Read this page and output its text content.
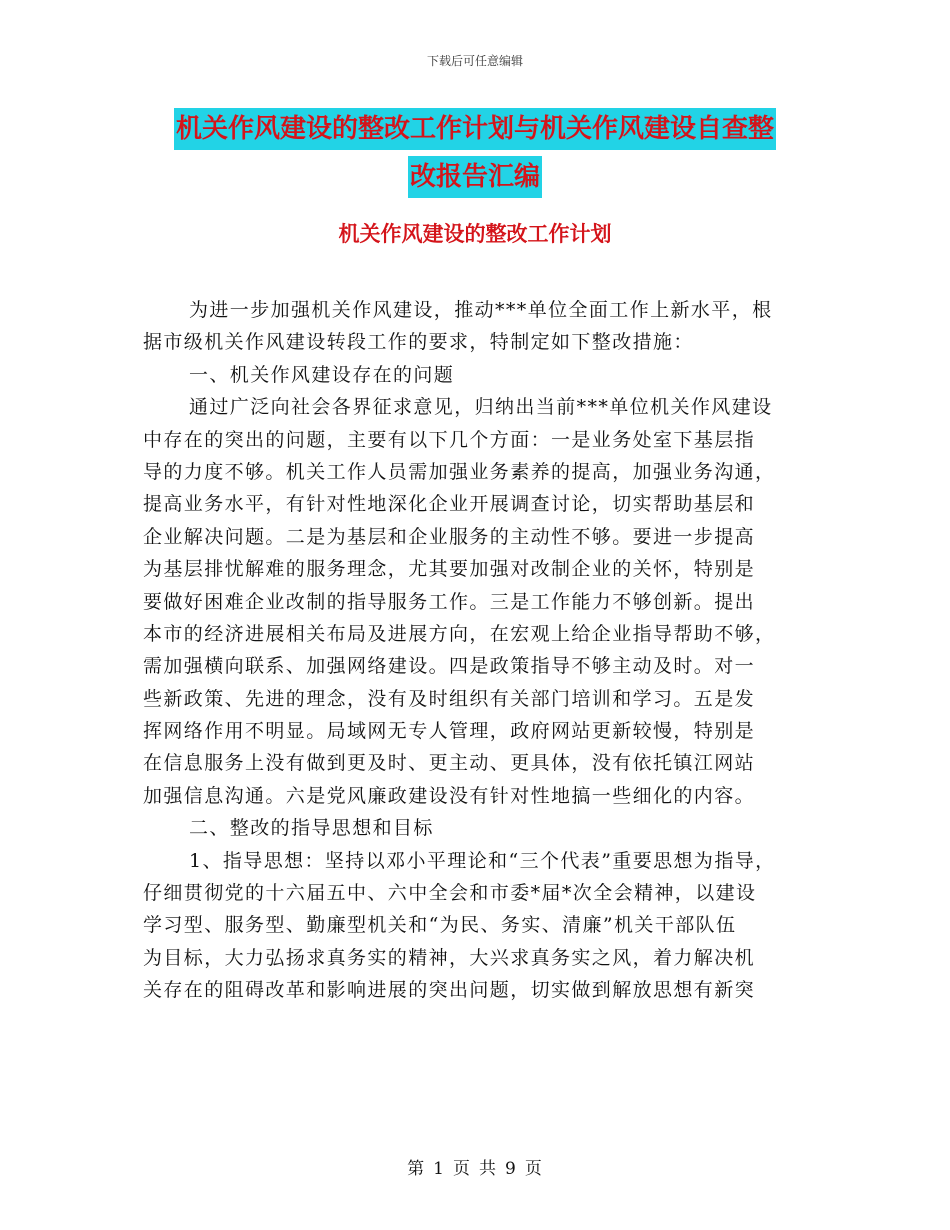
下载后可任意编辑
机关作风建设的整改工作计划与机关作风建设自查整
改报告汇编
机关作风建设的整改工作计划
为进一步加强机关作风建设，推动***单位全面工作上新水平，根
据市级机关作风建设转段工作的要求，特制定如下整改措施：
一、机关作风建设存在的问题
通过广泛向社会各界征求意见，归纳出当前***单位机关作风建设
中存在的突出的问题，主要有以下几个方面：一是业务处室下基层指
导的力度不够。机关工作人员需加强业务素养的提高，加强业务沟通，
提高业务水平，有针对性地深化企业开展调查讨论，切实帮助基层和
企业解决问题。二是为基层和企业服务的主动性不够。要进一步提高
为基层排忧解难的服务理念，尤其要加强对改制企业的关怀，特别是
要做好困难企业改制的指导服务工作。三是工作能力不够创新。提出
本市的经济进展相关布局及进展方向，在宏观上给企业指导帮助不够，
需加强横向联系、加强网络建设。四是政策指导不够主动及时。对一
些新政策、先进的理念，没有及时组织有关部门培训和学习。五是发
挥网络作用不明显。局域网无专人管理，政府网站更新较慢，特别是
在信息服务上没有做到更及时、更主动、更具体，没有依托镇江网站
加强信息沟通。六是党风廉政建设没有针对性地搞一些细化的内容。
二、整改的指导思想和目标
1、指导思想：坚持以邓小平理论和“三个代表”重要思想为指导，
仔细贯彻党的十六届五中、六中全会和市委*届*次全会精神，以建设
学习型、服务型、勤廉型机关和“为民、务实、清廉”机关干部队伍
为目标，大力弘扬求真务实的精神，大兴求真务实之风，着力解决机
关存在的阻碍改革和影响进展的突出问题，切实做到解放思想有新突
第 1 页 共 9 页
